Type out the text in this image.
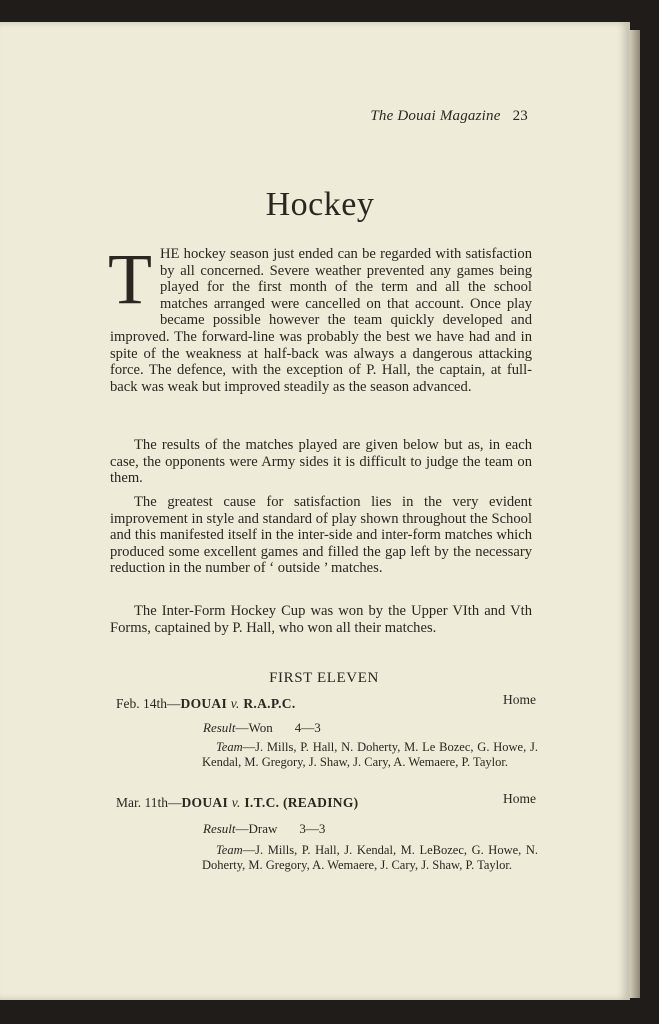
The Douai Magazine 23
Hockey
THE hockey season just ended can be regarded with satisfaction by all concerned. Severe weather prevented any games being played for the first month of the term and all the school matches arranged were cancelled on that account. Once play became possible however the team quickly developed and improved. The forward-line was probably the best we have had and in spite of the weakness at half-back was always a dangerous attacking force. The defence, with the exception of P. Hall, the captain, at full-back was weak but improved steadily as the season advanced.
The results of the matches played are given below but as, in each case, the opponents were Army sides it is difficult to judge the team on them.
The greatest cause for satisfaction lies in the very evident improvement in style and standard of play shown throughout the School and this manifested itself in the inter-side and inter-form matches which produced some excellent games and filled the gap left by the necessary reduction in the number of ‘ outside ’ matches.
The Inter-Form Hockey Cup was won by the Upper VIth and Vth Forms, captained by P. Hall, who won all their matches.
FIRST ELEVEN
Feb. 14th—DOUAI v. R.A.P.C.	Home
Result—Won 4—3
Team—J. Mills, P. Hall, N. Doherty, M. Le Bozec, G. Howe, J. Kendal, M. Gregory, J. Shaw, J. Cary, A. Wemaere, P. Taylor.
Mar. 11th—DOUAI v. I.T.C. (READING)	Home
Result—Draw 3—3
Team—J. Mills, P. Hall, J. Kendal, M. LeBozec, G. Howe, N. Doherty, M. Gregory, A. Wemaere, J. Cary, J. Shaw, P. Taylor.
